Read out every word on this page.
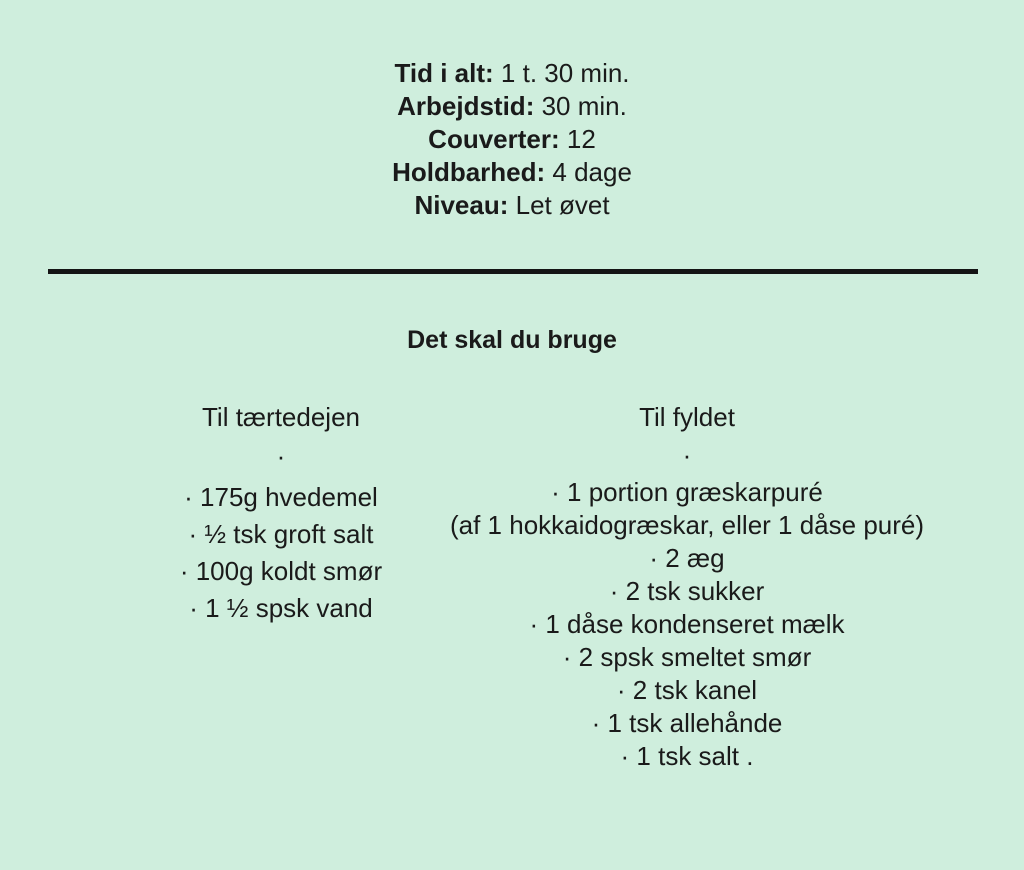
Tid i alt: 1 t. 30 min.
Arbejdstid: 30 min.
Couverter: 12
Holdbarhed: 4 dage
Niveau: Let øvet
Det skal du bruge
Til tærtedejen
·
· 175g hvedemel
· ½ tsk groft salt
· 100g koldt smør
· 1 ½ spsk vand
Til fyldet
·
· 1 portion græskarpuré
(af 1 hokkaidogræskar, eller 1 dåse puré)
· 2 æg
· 2 tsk sukker
· 1 dåse kondenseret mælk
· 2 spsk smeltet smør
· 2 tsk kanel
· 1 tsk allehånde
· 1 tsk salt .
